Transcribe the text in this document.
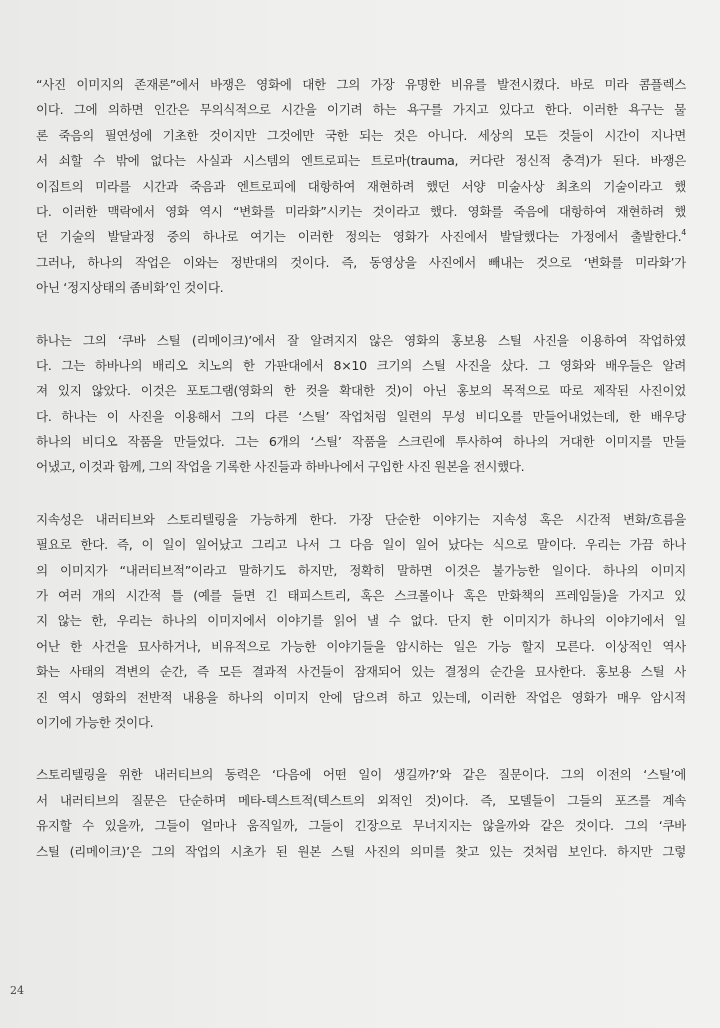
“사진 이미지의 존재론”에서 바쟁은 영화에 대한 그의 가장 유명한 비유를 발전시켰다. 바로 미라 콤플렉스
이다. 그에 의하면 인간은 무의식적으로 시간을 이기려 하는 욕구를 가지고 있다고 한다. 이러한 욕구는 물
론 죽음의 필연성에 기초한 것이지만 그것에만 국한 되는 것은 아니다. 세상의 모든 것들이 시간이 지나면
서 쇠할 수 밖에 없다는 사실과 시스템의 엔트로피는 트로마(trauma, 커다란 정신적 충격)가 된다. 바쟁은
이집트의 미라를 시간과 죽음과 엔트로피에 대항하여 재현하려 했던 서양 미술사상 최초의 기술이라고 했
다. 이러한 맥락에서 영화 역시 “변화를 미라화”시키는 것이라고 했다. 영화를 죽음에 대항하여 재현하려 했
던 기술의 발달과정 중의 하나로 여기는 이러한 정의는 영화가 사진에서 발달했다는 가정에서 출발한다.$^4$
그러나, 하나의 작업은 이와는 정반대의 것이다. 즉, 동영상을 사진에서 빼내는 것으로 ‘변화를 미라화’가
아닌 ‘정지상태의 좀비화’인 것이다.
하나는 그의 ‘쿠바 스틸 (리메이크)’에서 잘 알려지지 않은 영화의 홍보용 스틸 사진을 이용하여 작업하였
다. 그는 하바나의 배리오 치노의 한 가판대에서 8×10 크기의 스틸 사진을 샀다. 그 영화와 배우들은 알려
져 있지 않았다. 이것은 포토그램(영화의 한 컷을 확대한 것)이 아닌 홍보의 목적으로 따로 제작된 사진이었
다. 하나는 이 사진을 이용해서 그의 다른 ‘스틸’ 작업처럼 일련의 무성 비디오를 만들어내었는데, 한 배우당
하나의 비디오 작품을 만들었다. 그는 6개의 ‘스틸’ 작품을 스크린에 투사하여 하나의 거대한 이미지를 만들
어냈고, 이것과 함께, 그의 작업을 기록한 사진들과 하바나에서 구입한 사진 원본을 전시했다.
지속성은 내러티브와 스토리텔링을 가능하게 한다. 가장 단순한 이야기는 지속성 혹은 시간적 변화/흐름을
필요로 한다. 즉, 이 일이 일어났고 그리고 나서 그 다음 일이 일어 났다는 식으로 말이다. 우리는 가끔 하나
의 이미지가 “내러티브적”이라고 말하기도 하지만, 정확히 말하면 이것은 불가능한 일이다. 하나의 이미지
가 여러 개의 시간적 틀 (예를 들면 긴 태피스트리, 혹은 스크롤이나 혹은 만화책의 프레임들)을 가지고 있
지 않는 한, 우리는 하나의 이미지에서 이야기를 읽어 낼 수 없다. 단지 한 이미지가 하나의 이야기에서 일
어난 한 사건을 묘사하거나, 비유적으로 가능한 이야기들을 암시하는 일은 가능 할지 모른다. 이상적인 역사
화는 사태의 격변의 순간, 즉 모든 결과적 사건들이 잠재되어 있는 결정의 순간을 묘사한다. 홍보용 스틸 사
진 역시 영화의 전반적 내용을 하나의 이미지 안에 담으려 하고 있는데, 이러한 작업은 영화가 매우 암시적
이기에 가능한 것이다.
스토리텔링을 위한 내러티브의 동력은 ‘다음에 어떤 일이 생길까?’와 같은 질문이다. 그의 이전의 ‘스틸’에
서 내러티브의 질문은 단순하며 메타-텍스트적(텍스트의 외적인 것)이다. 즉, 모델들이 그들의 포즈를 계속
유지할 수 있을까, 그들이 얼마나 움직일까, 그들이 긴장으로 무너지지는 않을까와 같은 것이다. 그의 ‘쿠바
스틸 (리메이크)’은 그의 작업의 시초가 된 원본 스틸 사진의 의미를 찾고 있는 것처럼 보인다. 하지만 그렇
24
